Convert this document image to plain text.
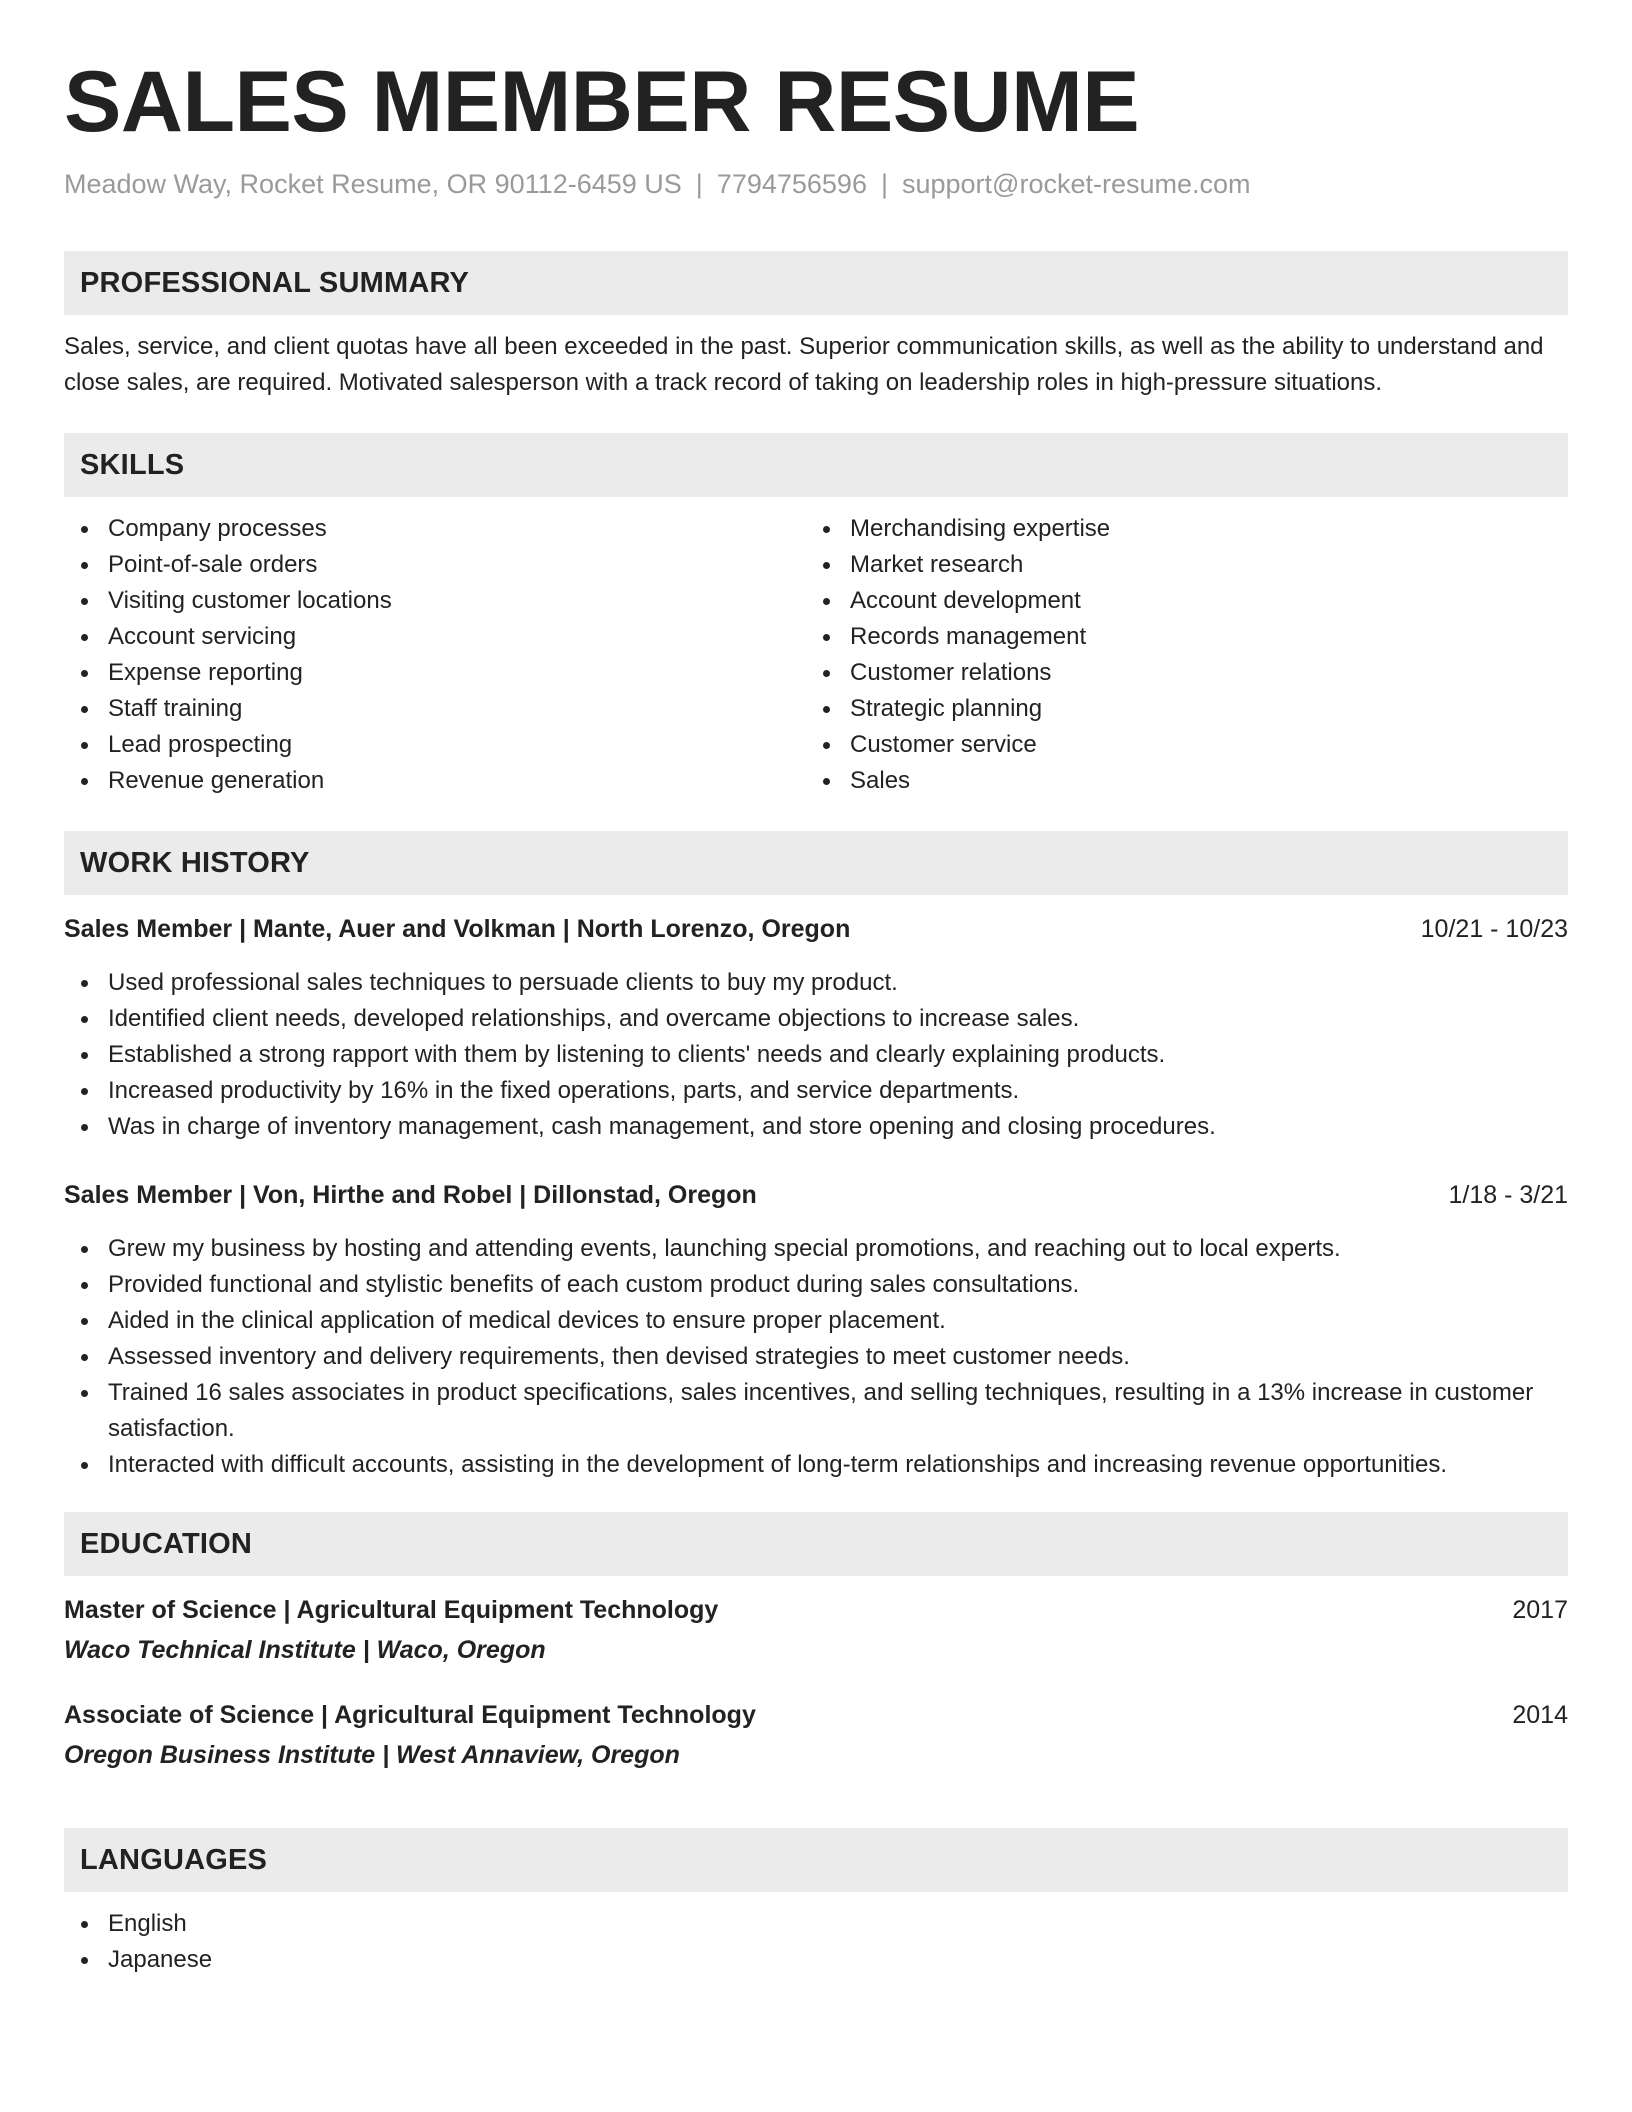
SALES MEMBER RESUME
Meadow Way, Rocket Resume, OR 90112-6459 US | 7794756596 | support@rocket-resume.com
PROFESSIONAL SUMMARY

Sales, service, and client quotas have all been exceeded in the past. Superior communication skills, as well as the ability to understand and close sales, are required. Motivated salesperson with a track record of taking on leadership roles in high-pressure situations.

SKILLS
Company processes
Point-of-sale orders
Visiting customer locations
Account servicing
Expense reporting
Staff training
Lead prospecting
Revenue generation
Merchandising expertise
Market research
Account development
Records management
Customer relations
Strategic planning
Customer service
Sales
WORK HISTORY
Sales Member | Mante, Auer and Volkman | North Lorenzo, Oregon	10/21 - 10/23
Used professional sales techniques to persuade clients to buy my product.
Identified client needs, developed relationships, and overcame objections to increase sales.
Established a strong rapport with them by listening to clients' needs and clearly explaining products.
Increased productivity by 16% in the fixed operations, parts, and service departments.
Was in charge of inventory management, cash management, and store opening and closing procedures.
Sales Member | Von, Hirthe and Robel | Dillonstad, Oregon	1/18 - 3/21
Grew my business by hosting and attending events, launching special promotions, and reaching out to local experts.
Provided functional and stylistic benefits of each custom product during sales consultations.
Aided in the clinical application of medical devices to ensure proper placement.
Assessed inventory and delivery requirements, then devised strategies to meet customer needs.
Trained 16 sales associates in product specifications, sales incentives, and selling techniques, resulting in a 13% increase in customer satisfaction.
Interacted with difficult accounts, assisting in the development of long-term relationships and increasing revenue opportunities.
EDUCATION
Master of Science | Agricultural Equipment Technology	2017
Waco Technical Institute | Waco, Oregon
Associate of Science | Agricultural Equipment Technology	2014
Oregon Business Institute | West Annaview, Oregon
LANGUAGES
English
Japanese
